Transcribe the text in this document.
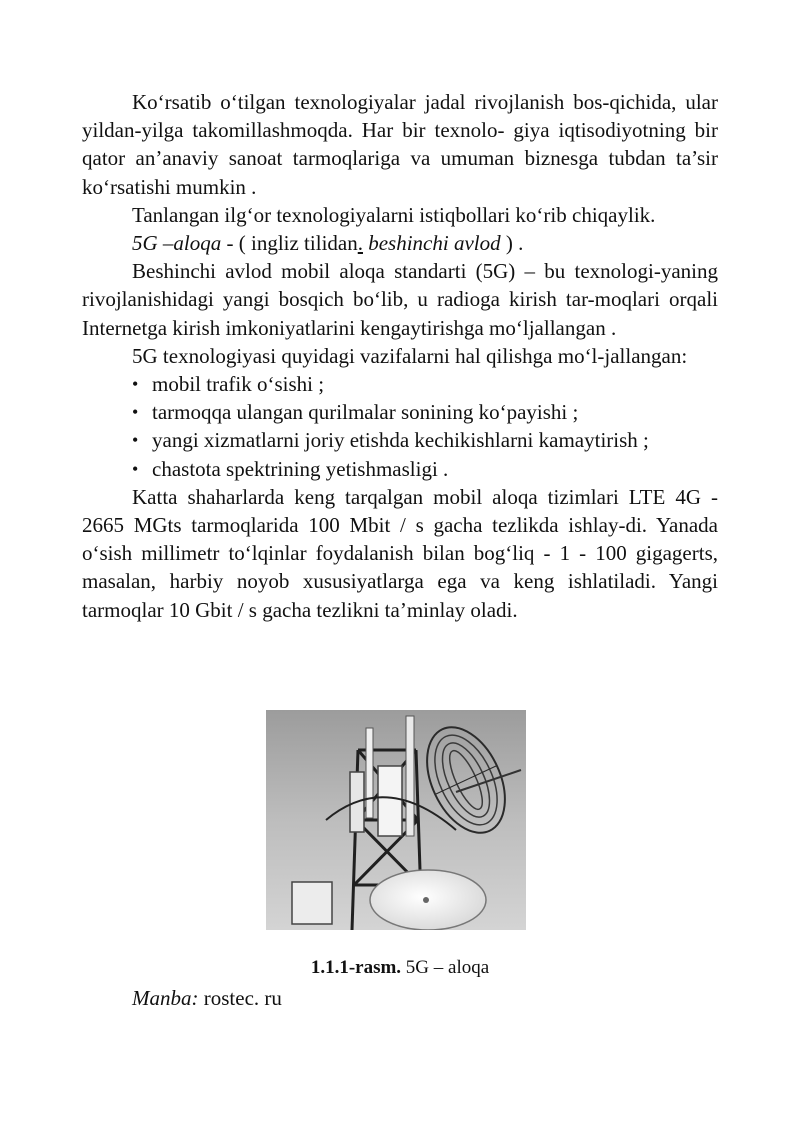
Ko‘rsatib o‘tilgan texnologiyalar jadal rivojlanish bos-qichida, ular yildan-yilga takomillashmoqda. Har bir texnolo- giya iqtisodiyotning bir qator an’anaviy sanoat tarmoqlariga va umuman biznesga tubdan ta’sir ko‘rsatishi mumkin .

Tanlangan ilg‘or texnologiyalarni istiqbollari ko‘rib chiqaylik.

5G –aloqa - ( ingliz tilidan. beshinchi avlod ) .

Beshinchi avlod mobil aloqa standarti (5G) – bu texnologi-yaning rivojlanishidagi yangi bosqich bo‘lib, u radioga kirish tar-moqlari orqali Internetga kirish imkoniyatlarini kengaytirishga mo‘ljallangan .

5G texnologiyasi quyidagi vazifalarni hal qilishga mo‘l-jallangan:

• mobil trafik o‘sishi ;
• tarmoqqa ulangan qurilmalar sonining ko‘payishi ;
• yangi xizmatlarni joriy etishda kechikishlarni kamaytirish ;
• chastota spektrining yetishmasligi .

Katta shaharlarda keng tarqalgan mobil aloqa tizimlari LTE 4G - 2665 MGts tarmoqlarida 100 Mbit / s gacha tezlikda ishlay-di. Yanada o‘sish millimetr to‘lqinlar foydalanish bilan bog‘liq - 1 - 100 gigagerts, masalan, harbiy noyob xususiyatlarga ega va keng ishlatiladi. Yangi tarmoqlar 10 Gbit / s gacha tezlikni ta’minlay oladi.

1.1.1-rasm. 5G – aloqa
Manba: rostec. ru
